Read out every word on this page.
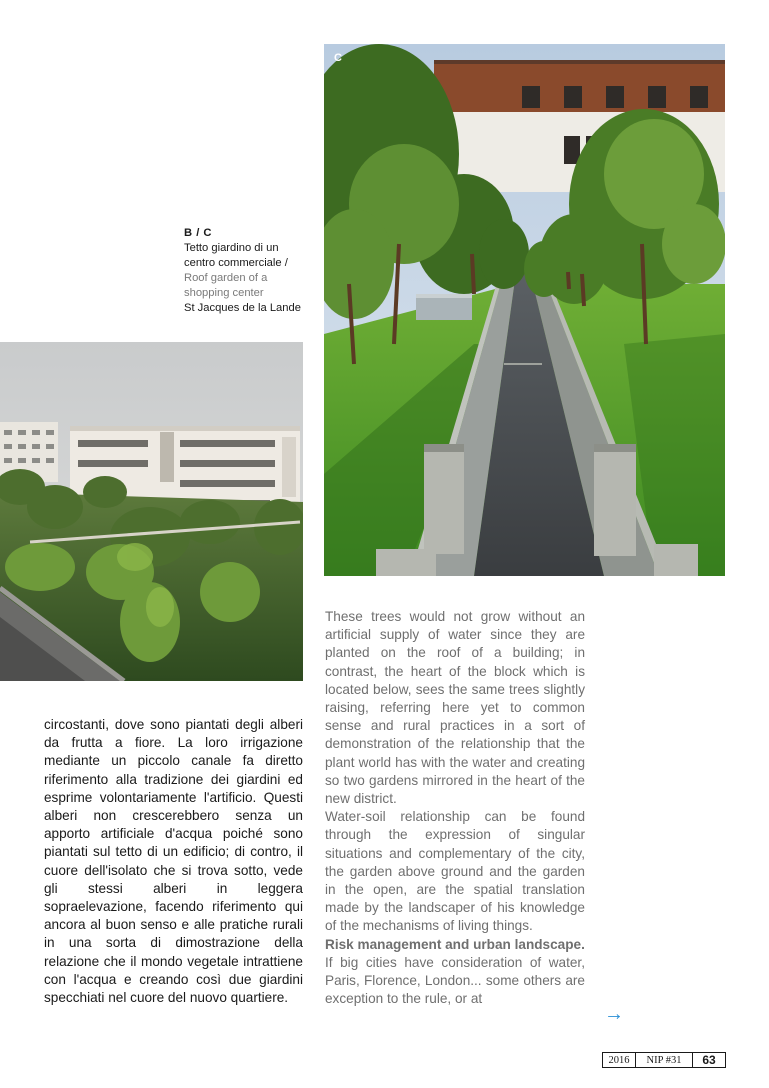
B / C
Tetto giardino di un centro commerciale /
Roof garden of a shopping center
St Jacques de la Lande
C

circostanti, dove sono piantati degli alberi da frutta a fiore. La loro irrigazione mediante un piccolo canale fa diretto riferimento alla tradizione dei giardini ed esprime volontariamente l'artificio. Questi alberi non crescerebbero senza un apporto artificiale d'acqua poiché sono piantati sul tetto di un edificio; di contro, il cuore dell'isolato che si trova sotto, vede gli stessi alberi in leggera sopraelevazione, facendo riferimento qui ancora al buon senso e alle pratiche rurali in una sorta di dimostrazione della relazione che il mondo vegetale intrattiene con l'acqua e creando così due giardini specchiati nel cuore del nuovo quartiere.

These trees would not grow without an artificial supply of water since they are planted on the roof of a building; in contrast, the heart of the block which is located below, sees the same trees slightly raising, referring here yet to common sense and rural practices in a sort of demonstration of the relationship that the plant world has with the water and creating so two gardens mirrored in the heart of the new district.

Water-soil relationship can be found through the expression of singular situations and complementary of the city, the garden above ground and the garden in the open, are the spatial translation made by the landscaper of his knowledge of the mechanisms of living things.

Risk management and urban landscape.

If big cities have consideration of water, Paris, Florence, London... some others are exception to the rule, or at

→
2016	NIP #31	63
